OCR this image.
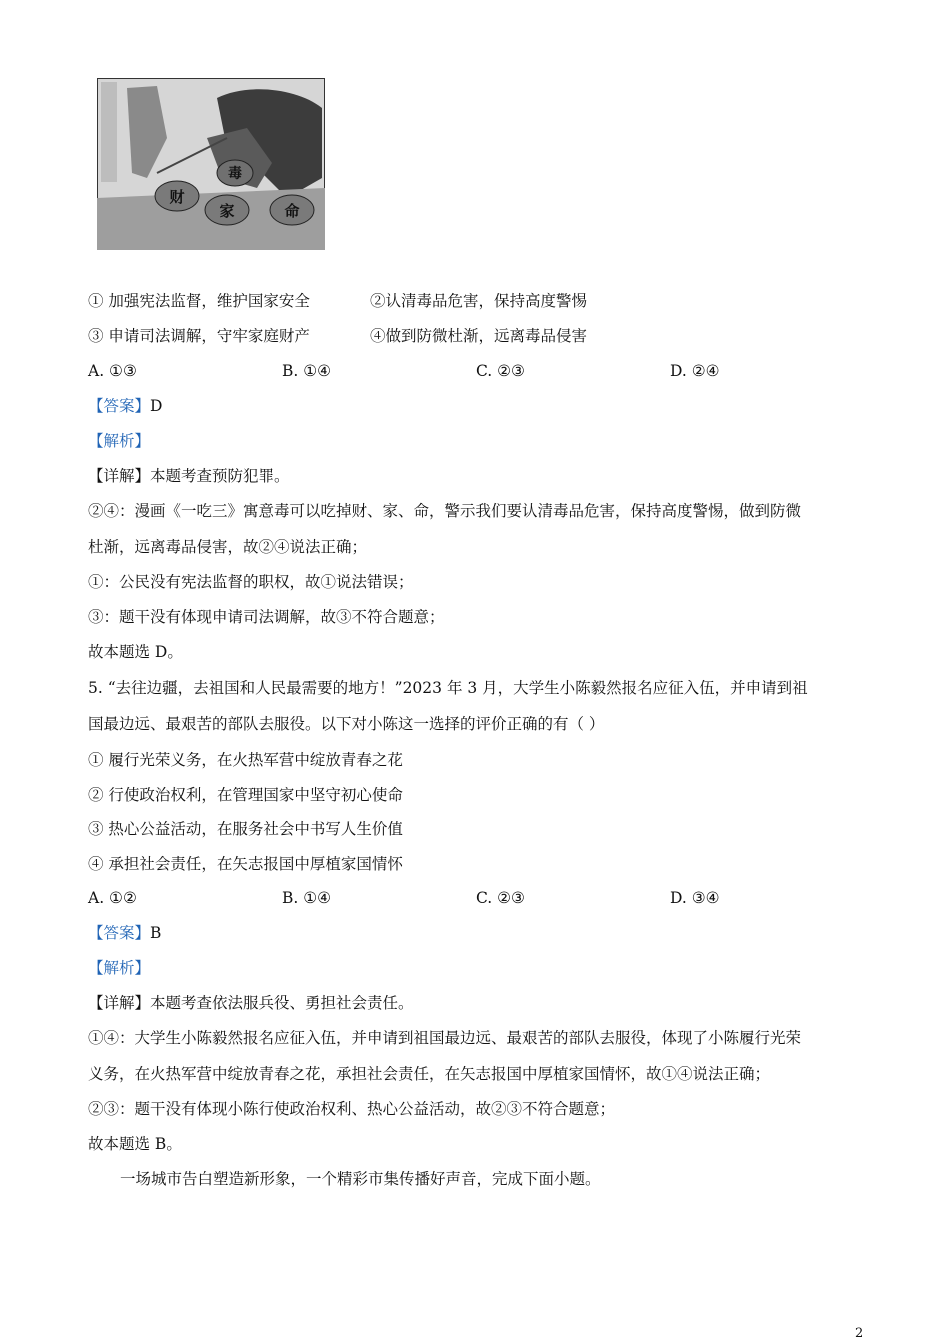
毒
财
家	命
① 加强宪法监督，维护国家安全	②认清毒品危害，保持高度警惕
③ 申请司法调解，守牢家庭财产	④做到防微杜渐，远离毒品侵害
A. ①③	B. ①④	C. ②③	D. ②④
【答案】D
【解析】
【详解】本题考查预防犯罪。
②④：漫画《一吃三》寓意毒可以吃掉财、家、命，警示我们要认清毒品危害，保持高度警惕，做到防微
杜渐，远离毒品侵害，故②④说法正确；
①：公民没有宪法监督的职权，故①说法错误；
③：题干没有体现申请司法调解，故③不符合题意；
故本题选 D。
5. “去往边疆，去祖国和人民最需要的地方！”2023 年 3 月，大学生小陈毅然报名应征入伍，并申请到祖
国最边远、最艰苦的部队去服役。以下对小陈这一选择的评价正确的有（ ）
① 履行光荣义务，在火热军营中绽放青春之花
② 行使政治权利，在管理国家中坚守初心使命
③ 热心公益活动，在服务社会中书写人生价值
④ 承担社会责任，在矢志报国中厚植家国情怀
A. ①②	B. ①④	C. ②③	D. ③④
【答案】B
【解析】
【详解】本题考查依法服兵役、勇担社会责任。
①④：大学生小陈毅然报名应征入伍，并申请到祖国最边远、最艰苦的部队去服役，体现了小陈履行光荣
义务，在火热军营中绽放青春之花，承担社会责任，在矢志报国中厚植家国情怀，故①④说法正确；
②③：题干没有体现小陈行使政治权利、热心公益活动，故②③不符合题意；
故本题选 B。
一场城市告白塑造新形象，一个精彩市集传播好声音，完成下面小题。
2
